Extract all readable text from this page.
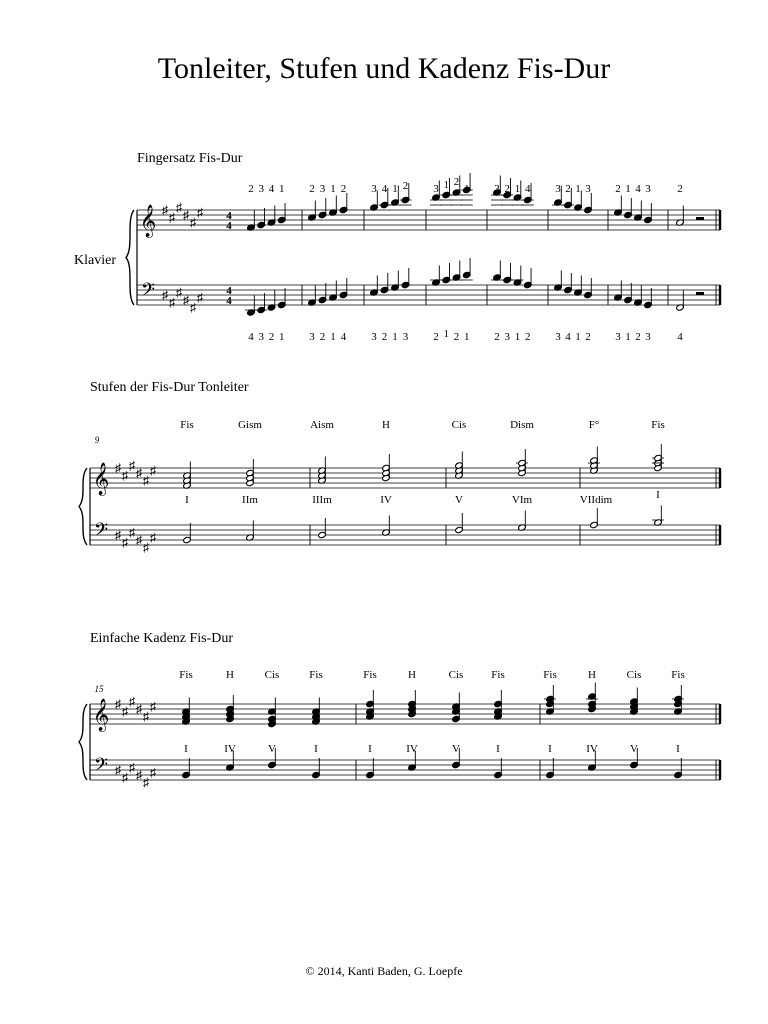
Tonleiter, Stufen und Kadenz Fis-Dur
Fingersatz Fis-Dur
Klavier
Stufen der Fis-Dur Tonleiter
Einfache Kadenz Fis-Dur
© 2014, Kanti Baden, G. Loepfe
𝄞
𝄢
♯
♯
♯
♯
♯
♯
♯
♯
♯
♯
♯
♯
4
4
4
4
2 3 4 1
4 3 2 1
2 3 1 2
3 2 1 4
3 4 1 2
3 2 1 3
3 1 2
1
2 1 2 1
3 2 1 4
2 3 1 2
3 2 1 3
3 4 1 2
2 1 4 3
3 1 2 3
2
4
9
𝄞
𝄢
♯
♯
♯
♯
♯
♯
♯
♯
♯
♯
♯
♯
Fis
I
Gism
IIm
Aism
IIIm
H
IV
Cis
V
Dism
VIm
F°
VIIdim
Fis
I
15
𝄞
𝄢
♯
♯
♯
♯
♯
♯
♯
♯
♯
♯
♯
♯
Fis
I
H
IV
Cis
V
Fis
I
Fis
I
H
IV
Cis
V
Fis
I
Fis
I
H
IV
Cis
V
Fis
I
